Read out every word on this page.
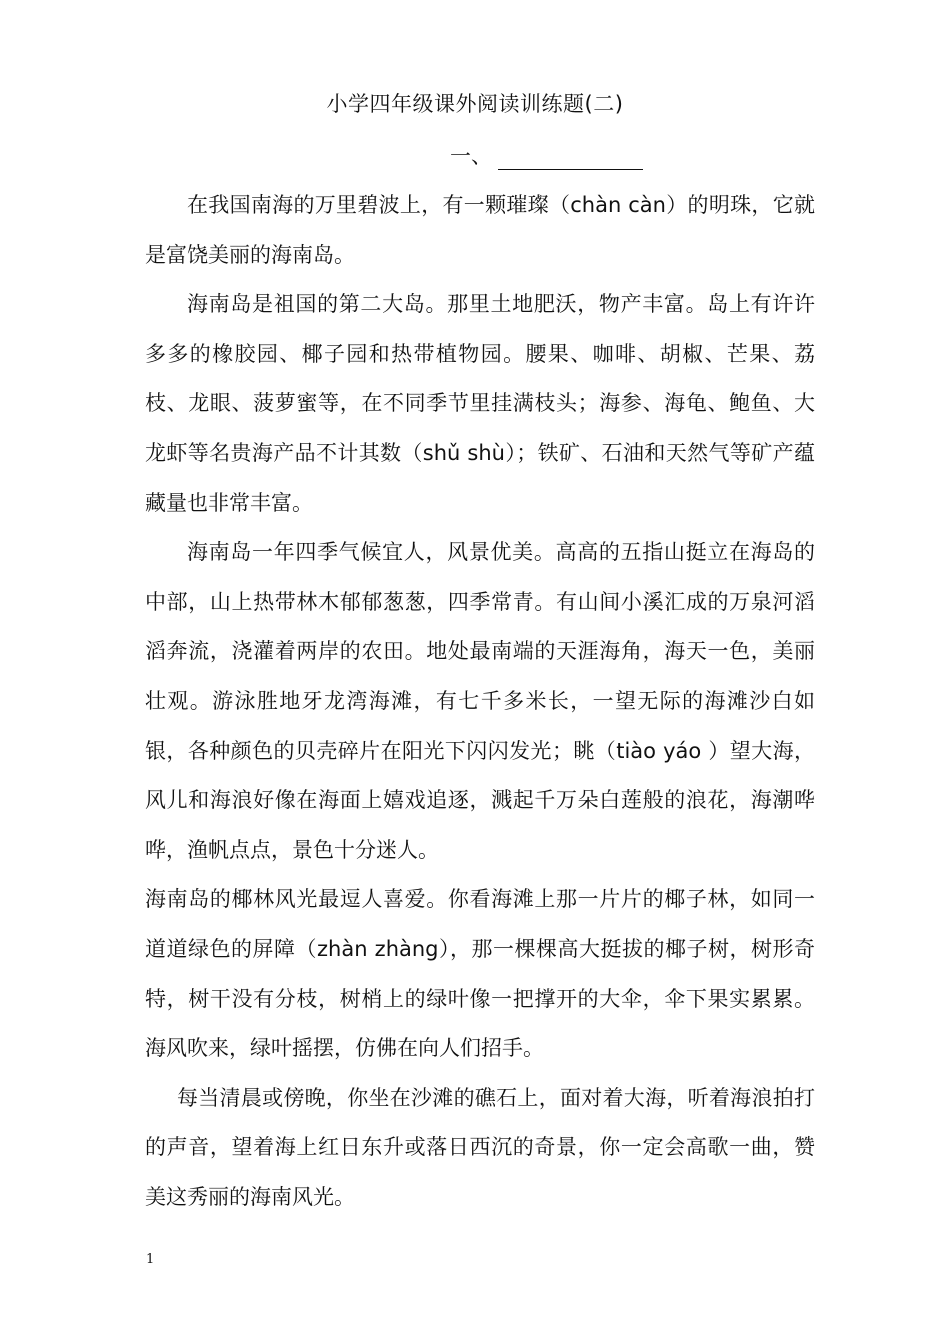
小学四年级课外阅读训练题(二)
一、

在我国南海的万里碧波上，有一颗璀璨（chàn càn）的明珠，它就是富饶美丽的海南岛。

海南岛是祖国的第二大岛。那里土地肥沃，物产丰富。岛上有许许多多的橡胶园、椰子园和热带植物园。腰果、咖啡、胡椒、芒果、荔枝、龙眼、菠萝蜜等，在不同季节里挂满枝头；海参、海龟、鲍鱼、大龙虾等名贵海产品不计其数（shǔ shù）；铁矿、石油和天然气等矿产蕴藏量也非常丰富。

海南岛一年四季气候宜人，风景优美。高高的五指山挺立在海岛的中部，山上热带林木郁郁葱葱，四季常青。有山间小溪汇成的万泉河滔滔奔流，浇灌着两岸的农田。地处最南端的天涯海角，海天一色，美丽壮观。游泳胜地牙龙湾海滩，有七千多米长，一望无际的海滩沙白如银，各种颜色的贝壳碎片在阳光下闪闪发光；眺（tiào yáo ）望大海，风儿和海浪好像在海面上嬉戏追逐，溅起千万朵白莲般的浪花，海潮哗哗，渔帆点点，景色十分迷人。

海南岛的椰林风光最逗人喜爱。你看海滩上那一片片的椰子林，如同一道道绿色的屏障（zhàn zhàng），那一棵棵高大挺拔的椰子树，树形奇特，树干没有分枝，树梢上的绿叶像一把撑开的大伞，伞下果实累累。海风吹来，绿叶摇摆，仿佛在向人们招手。

每当清晨或傍晚，你坐在沙滩的礁石上，面对着大海，听着海浪拍打的声音，望着海上红日东升或落日西沉的奇景，你一定会高歌一曲，赞美这秀丽的海南风光。

1
